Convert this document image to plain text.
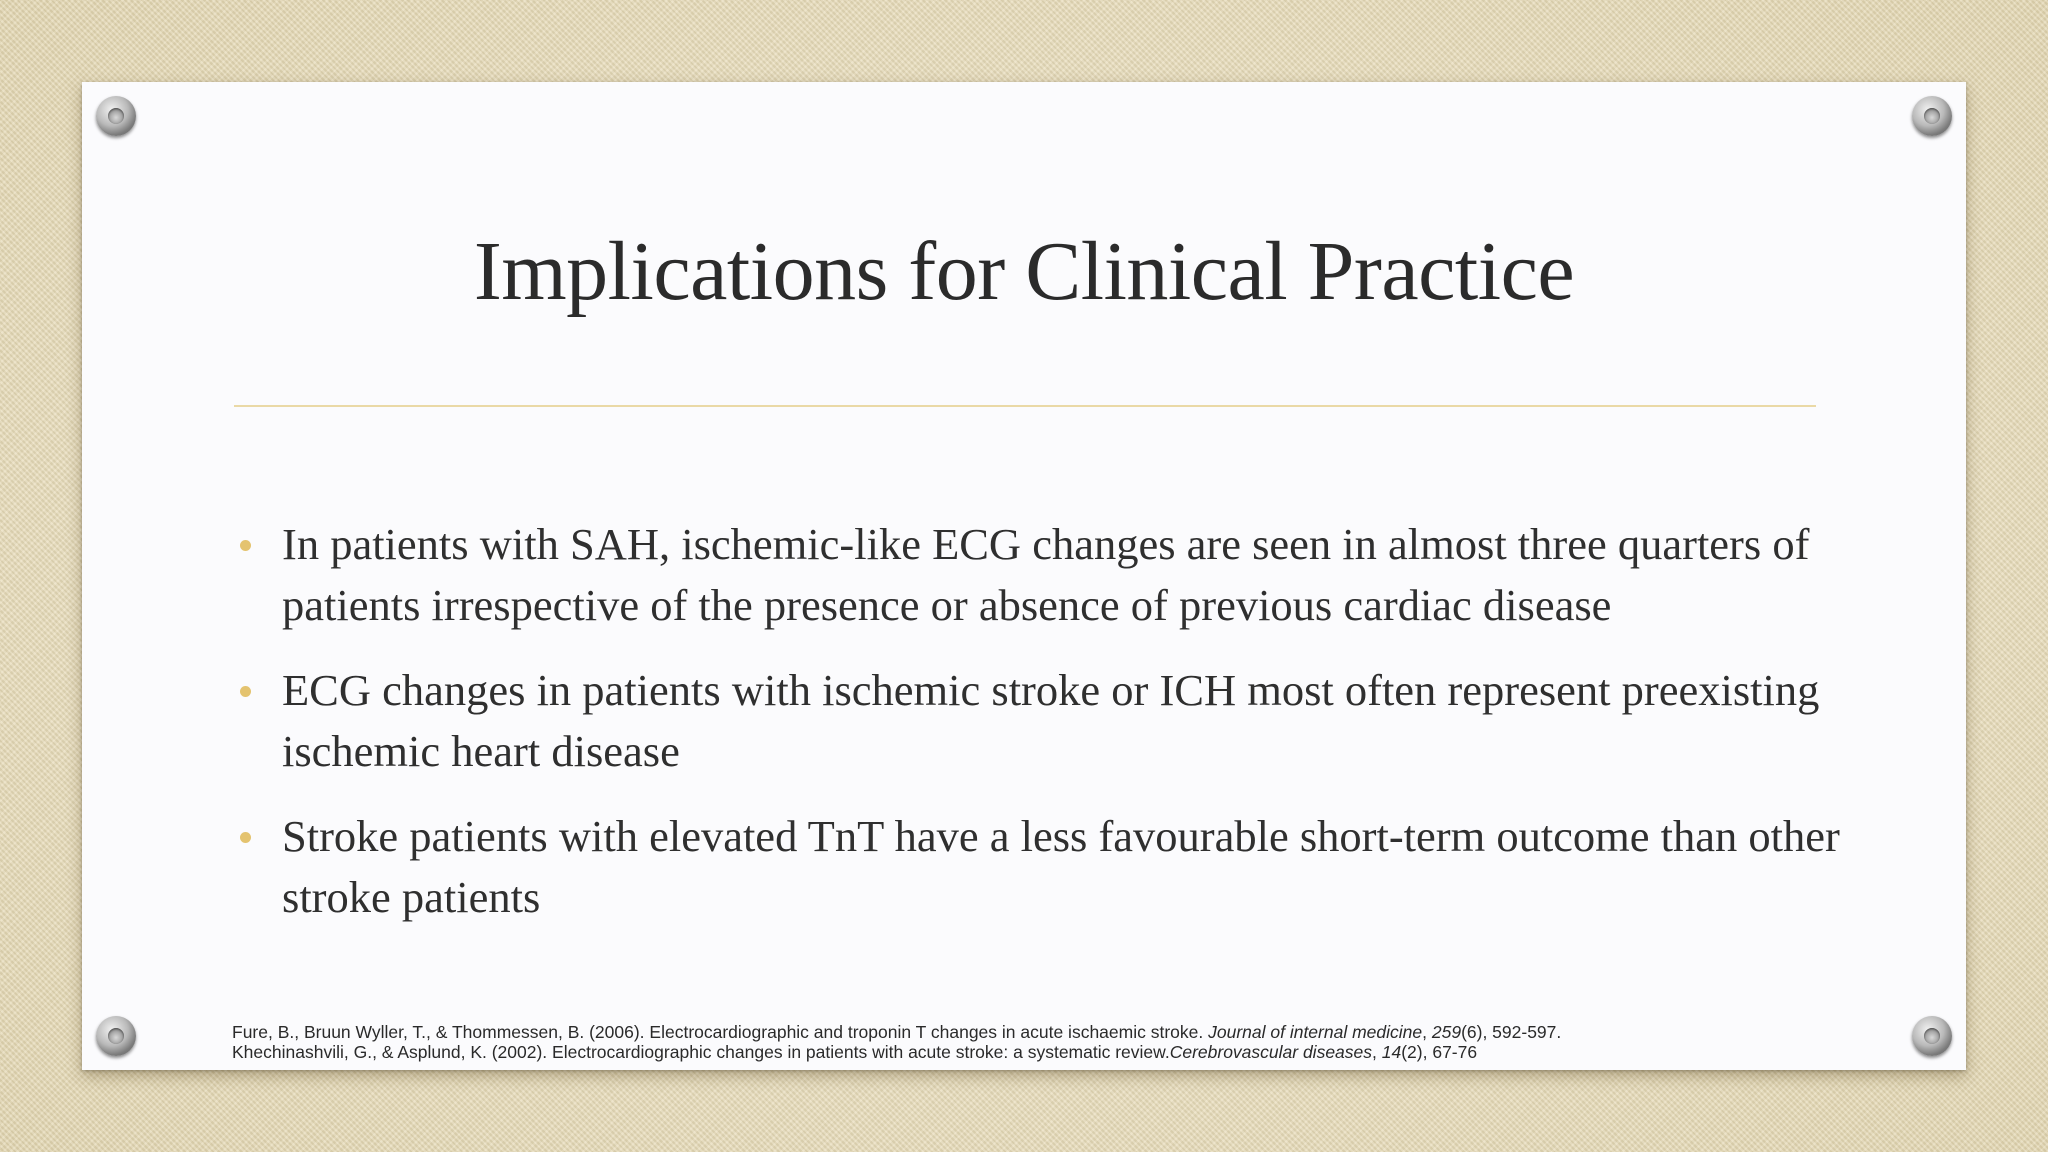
Implications for Clinical Practice
In patients with SAH, ischemic-like ECG changes are seen in almost three quarters of patients irrespective of the presence or absence of previous cardiac disease
ECG changes in patients with ischemic stroke or ICH most often represent preexisting ischemic heart disease
Stroke patients with elevated TnT have a less favourable short-term outcome than other stroke patients
Fure, B., Bruun Wyller, T., & Thommessen, B. (2006). Electrocardiographic and troponin T changes in acute ischaemic stroke. Journal of internal medicine, 259(6), 592-597.
Khechinashvili, G., & Asplund, K. (2002). Electrocardiographic changes in patients with acute stroke: a systematic review.Cerebrovascular diseases, 14(2), 67-76
